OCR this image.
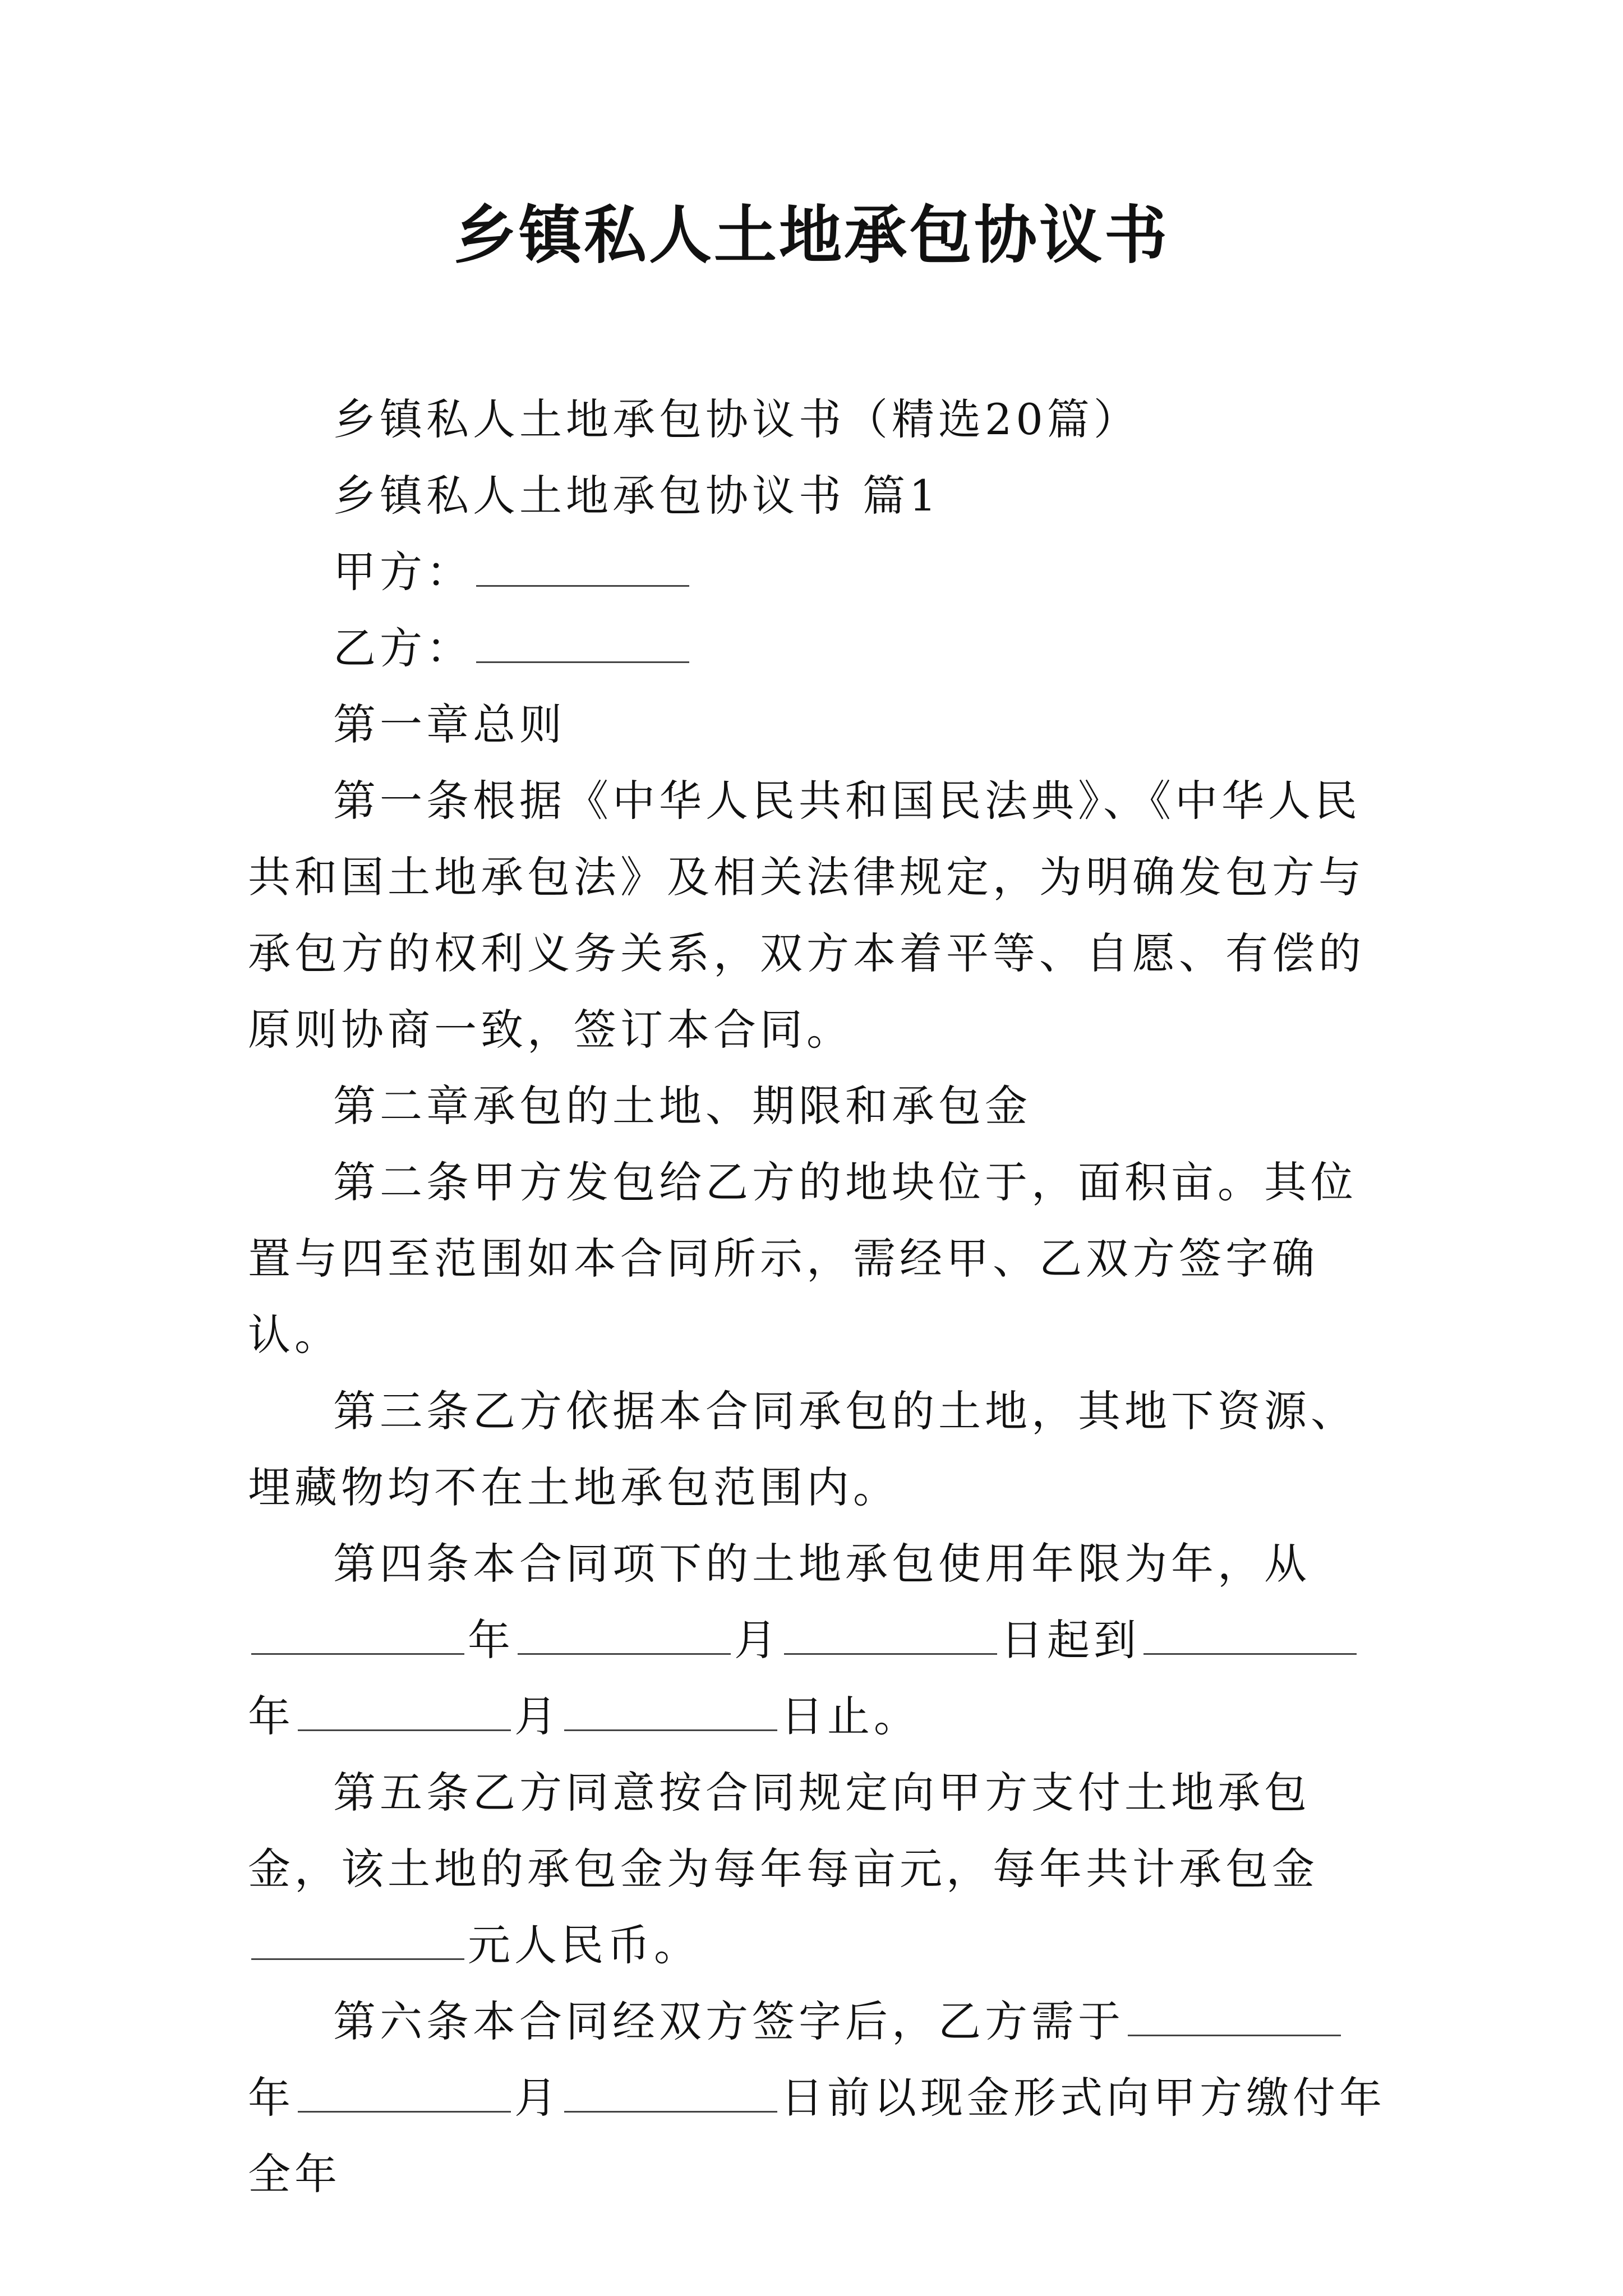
乡镇私人土地承包协议书

乡镇私人土地承包协议书（精选20篇）

乡镇私人土地承包协议书 篇1

甲方：

乙方：

第一章总则

第一条根据《中华人民共和国民法典》、《中华人民共和国土地承包法》及相关法律规定，为明确发包方与承包方的权利义务关系，双方本着平等、自愿、有偿的原则协商一致，签订本合同。

第二章承包的土地、期限和承包金

第二条甲方发包给乙方的地块位于，面积亩。其位置与四至范围如本合同所示，需经甲、乙双方签字确认。

第三条乙方依据本合同承包的土地，其地下资源、埋藏物均不在土地承包范围内。

第四条本合同项下的土地承包使用年限为年，从年	月	日起到年	月	日止。

第五条乙方同意按合同规定向甲方支付土地承包金，该土地的承包金为每年每亩元，每年共计承包金元人民币。

第六条本合同经双方签字后，乙方需于年	月	日前以现金形式向甲方缴付年全年
